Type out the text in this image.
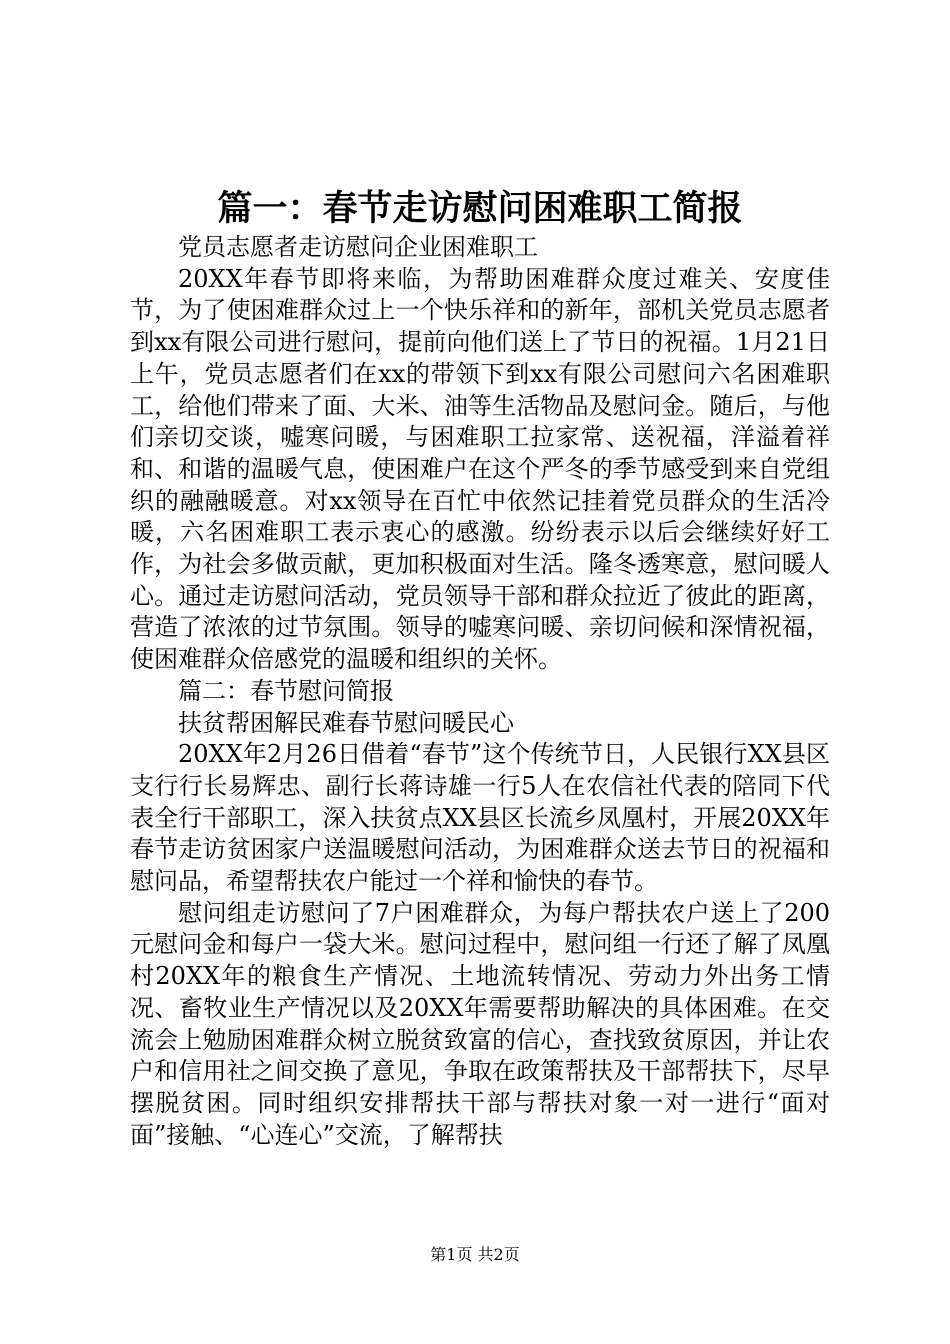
篇一：春节走访慰问困难职工简报

党员志愿者走访慰问企业困难职工

20XX年春节即将来临，为帮助困难群众度过难关、安度佳节，为了使困难群众过上一个快乐祥和的新年，部机关党员志愿者到xx有限公司进行慰问，提前向他们送上了节日的祝福。1月21日上午，党员志愿者们在xx的带领下到xx有限公司慰问六名困难职工，给他们带来了面、大米、油等生活物品及慰问金。随后，与他们亲切交谈，嘘寒问暖，与困难职工拉家常、送祝福，洋溢着祥和、和谐的温暖气息，使困难户在这个严冬的季节感受到来自党组织的融融暖意。对xx领导在百忙中依然记挂着党员群众的生活冷暖，六名困难职工表示衷心的感激。纷纷表示以后会继续好好工作，为社会多做贡献，更加积极面对生活。隆冬透寒意，慰问暖人心。通过走访慰问活动，党员领导干部和群众拉近了彼此的距离，营造了浓浓的过节氛围。领导的嘘寒问暖、亲切问候和深情祝福，使困难群众倍感党的温暖和组织的关怀。

篇二：春节慰问简报

扶贫帮困解民难春节慰问暖民心

20XX年2月26日借着“春节”这个传统节日，人民银行XX县区支行行长易辉忠、副行长蒋诗雄一行5人在农信社代表的陪同下代表全行干部职工，深入扶贫点XX县区长流乡凤凰村，开展20XX年春节走访贫困家户送温暖慰问活动，为困难群众送去节日的祝福和慰问品，希望帮扶农户能过一个祥和愉快的春节。

慰问组走访慰问了7户困难群众，为每户帮扶农户送上了200元慰问金和每户一袋大米。慰问过程中，慰问组一行还了解了凤凰村20XX年的粮食生产情况、土地流转情况、劳动力外出务工情况、畜牧业生产情况以及20XX年需要帮助解决的具体困难。在交流会上勉励困难群众树立脱贫致富的信心，查找致贫原因，并让农户和信用社之间交换了意见，争取在政策帮扶及干部帮扶下，尽早摆脱贫困。同时组织安排帮扶干部与帮扶对象一对一进行“面对面”接触、“心连心”交流，了解帮扶

第1页 共2页
